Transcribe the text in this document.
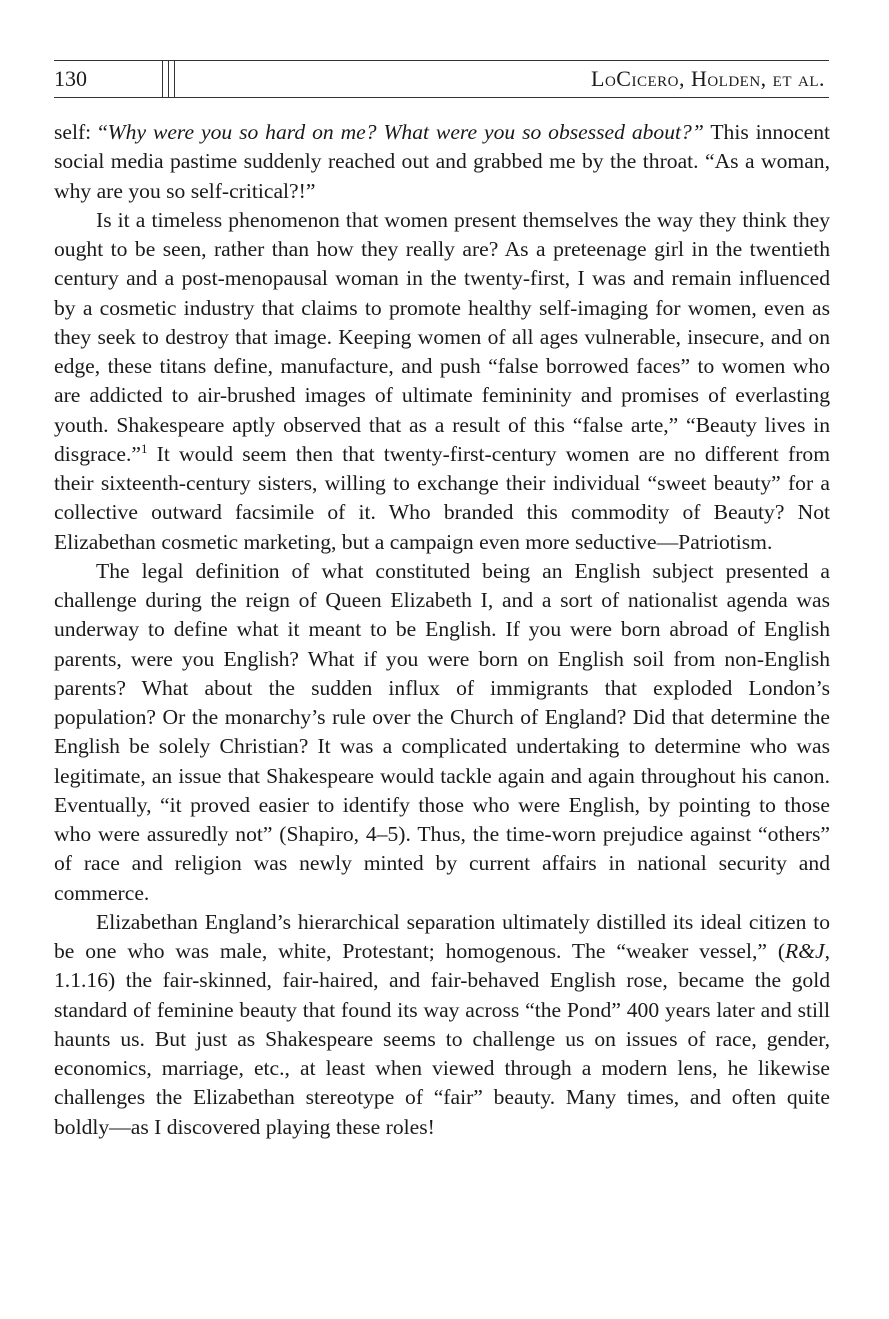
130	LoCicero, Holden, et al.

self: “Why were you so hard on me? What were you so obsessed about?” This innocent social media pastime suddenly reached out and grabbed me by the throat. “As a woman, why are you so self-critical?!”

Is it a timeless phenomenon that women present themselves the way they think they ought to be seen, rather than how they really are? As a preteenage girl in the twentieth century and a post-menopausal woman in the twenty-first, I was and remain influenced by a cosmetic industry that claims to promote healthy self-imaging for women, even as they seek to destroy that image. Keeping women of all ages vulnerable, insecure, and on edge, these titans define, manufacture, and push “false borrowed faces” to women who are addicted to air-brushed images of ultimate femininity and promises of everlasting youth. Shakespeare aptly observed that as a result of this “false arte,” “Beauty lives in disgrace.”$^1$ It would seem then that twenty-first-century women are no different from their sixteenth-century sisters, willing to exchange their individual “sweet beauty” for a collective outward facsimile of it. Who branded this commodity of Beauty? Not Elizabethan cosmetic marketing, but a campaign even more seductive—Patriotism.

The legal definition of what constituted being an English subject presented a challenge during the reign of Queen Elizabeth I, and a sort of nationalist agenda was underway to define what it meant to be English. If you were born abroad of English parents, were you English? What if you were born on English soil from non-English parents? What about the sudden influx of immigrants that exploded London’s population? Or the monarchy’s rule over the Church of England? Did that determine the English be solely Christian? It was a complicated undertaking to determine who was legitimate, an issue that Shakespeare would tackle again and again throughout his canon. Eventually, “it proved easier to identify those who were English, by pointing to those who were assuredly not” (Shapiro, 4–5). Thus, the time-worn prejudice against “others” of race and religion was newly minted by current affairs in national security and commerce.

Elizabethan England’s hierarchical separation ultimately distilled its ideal citizen to be one who was male, white, Protestant; homogenous. The “weaker vessel,” (R&J, 1.1.16) the fair-skinned, fair-haired, and fair-behaved English rose, became the gold standard of feminine beauty that found its way across “the Pond” 400 years later and still haunts us. But just as Shakespeare seems to challenge us on issues of race, gender, economics, marriage, etc., at least when viewed through a modern lens, he likewise challenges the Elizabethan stereotype of “fair” beauty. Many times, and often quite boldly—as I discovered playing these roles!
